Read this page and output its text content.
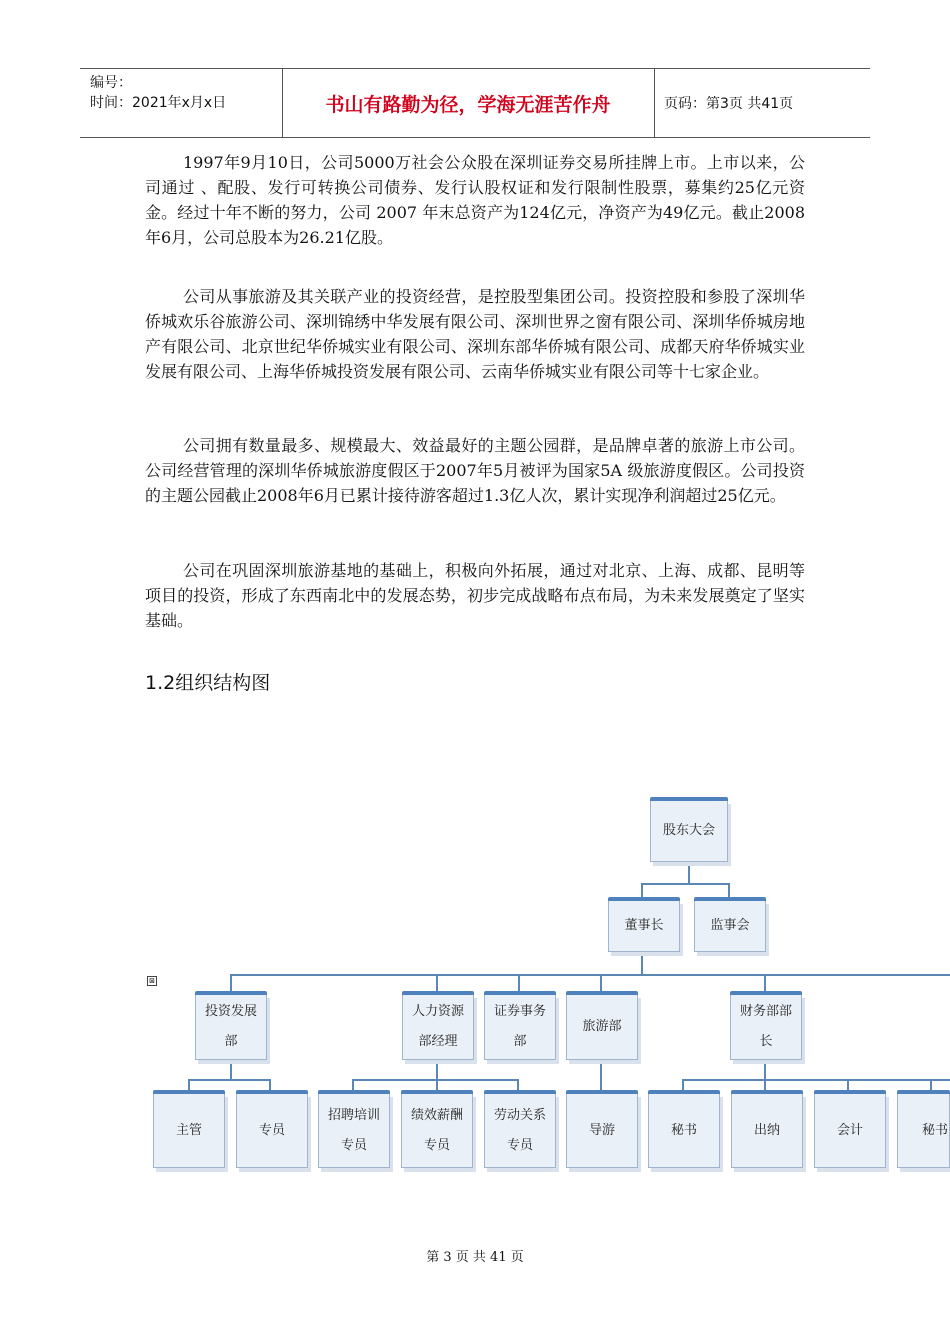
编号：
时间：2021年x月x日	书山有路勤为径，学海无涯苦作舟	页码：第3页 共41页

1997年9月10日，公司5000万社会公众股在深圳证券交易所挂牌上市。上市以来，公司通过 、配股、发行可转换公司债券、发行认股权证和发行限制性股票，募集约25亿元资金。经过十年不断的努力，公司 2007 年末总资产为124亿元，净资产为49亿元。截止2008年6月，公司总股本为26.21亿股。

公司从事旅游及其关联产业的投资经营，是控股型集团公司。投资控股和参股了深圳华侨城欢乐谷旅游公司、深圳锦绣中华发展有限公司、深圳世界之窗有限公司、深圳华侨城房地产有限公司、北京世纪华侨城实业有限公司、深圳东部华侨城有限公司、成都天府华侨城实业发展有限公司、上海华侨城投资发展有限公司、云南华侨城实业有限公司等十七家企业。

公司拥有数量最多、规模最大、效益最好的主题公园群，是品牌卓著的旅游上市公司。公司经营管理的深圳华侨城旅游度假区于2007年5月被评为国家5A 级旅游度假区。公司投资的主题公园截止2008年6月已累计接待游客超过1.3亿人次，累计实现净利润超过25亿元。

公司在巩固深圳旅游基地的基础上，积极向外拓展，通过对北京、上海、成都、昆明等项目的投资，形成了东西南北中的发展态势，初步完成战略布点布局，为未来发展奠定了坚实基础。

1.2组织结构图
⊠
股东大会
董事长	监事会
投资发展
部
人力资源
部经理
证券事务
部
旅游部
财务部部
长
主管	专员
招聘培训
专员
绩效薪酬
专员
劳动关系
专员
导游	秘书	出纳	会计	秘书
第 3 页 共 41 页
